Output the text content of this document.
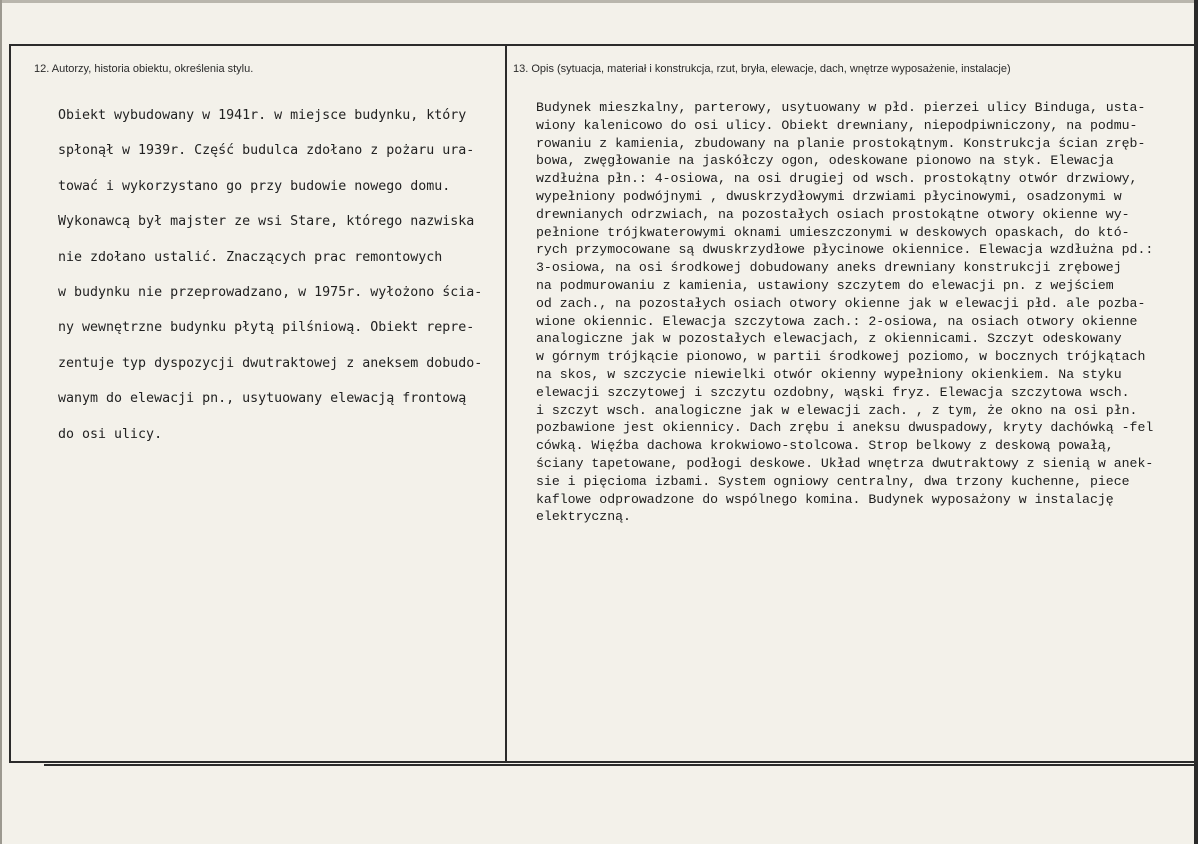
12. Autorzy, historia obiektu, określenia stylu.	13. Opis (sytuacja, materiał i konstrukcja, rzut, bryła, elewacje, dach, wnętrze wyposażenie, instalacje)
Obiekt wybudowany w 1941r. w miejsce budynku, który
spłonął w 1939r. Część budulca zdołano z pożaru ura-
tować i wykorzystano go przy budowie nowego domu.
Wykonawcą był majster ze wsi Stare, którego nazwiska
nie zdołano ustalić. Znaczących prac remontowych
w budynku nie przeprowadzano, w 1975r. wyłożono ścia-
ny wewnętrzne budynku płytą pilśniową. Obiekt repre-
zentuje typ dyspozycji dwutraktowej z aneksem dobudo-
wanym do elewacji pn., usytuowany elewacją frontową
do osi ulicy.
Budynek mieszkalny, parterowy, usytuowany w płd. pierzei ulicy Binduga, usta-
wiony kalenicowo do osi ulicy. Obiekt drewniany, niepodpiwniczony, na podmu-
rowaniu z kamienia, zbudowany na planie prostokątnym. Konstrukcja ścian zręb-
bowa, zwęgłowanie na jaskółczy ogon, odeskowane pionowo na styk. Elewacja
wzdłużna płn.: 4-osiowa, na osi drugiej od wsch. prostokątny otwór drzwiowy,
wypełniony podwójnymi , dwuskrzydłowymi drzwiami płycinowymi, osadzonymi w
drewnianych odrzwiach, na pozostałych osiach prostokątne otwory okienne wy-
pełnione trójkwaterowymi oknami umieszczonymi w deskowych opaskach, do któ-
rych przymocowane są dwuskrzydłowe płycinowe okiennice. Elewacja wzdłużna pd.:
3-osiowa, na osi środkowej dobudowany aneks drewniany konstrukcji zrębowej
na podmurowaniu z kamienia, ustawiony szczytem do elewacji pn. z wejściem
od zach., na pozostałych osiach otwory okienne jak w elewacji płd. ale pozba-
wione okiennic. Elewacja szczytowa zach.: 2-osiowa, na osiach otwory okienne
analogiczne jak w pozostałych elewacjach, z okiennicami. Szczyt odeskowany
w górnym trójkącie pionowo, w partii środkowej poziomo, w bocznych trójkątach
na skos, w szczycie niewielki otwór okienny wypełniony okienkiem. Na styku
elewacji szczytowej i szczytu ozdobny, wąski fryz. Elewacja szczytowa wsch.
i szczyt wsch. analogiczne jak w elewacji zach. , z tym, że okno na osi płn.
pozbawione jest okiennicy. Dach zrębu i aneksu dwuspadowy, kryty dachówką -fel
cówką. Więźba dachowa krokwiowo-stolcowa. Strop belkowy z deskową powałą,
ściany tapetowane, podłogi deskowe. Układ wnętrza dwutraktowy z sienią w anek-
sie i pięcioma izbami. System ogniowy centralny, dwa trzony kuchenne, piece
kaflowe odprowadzone do wspólnego komina. Budynek wyposażony w instalację
elektryczną.
